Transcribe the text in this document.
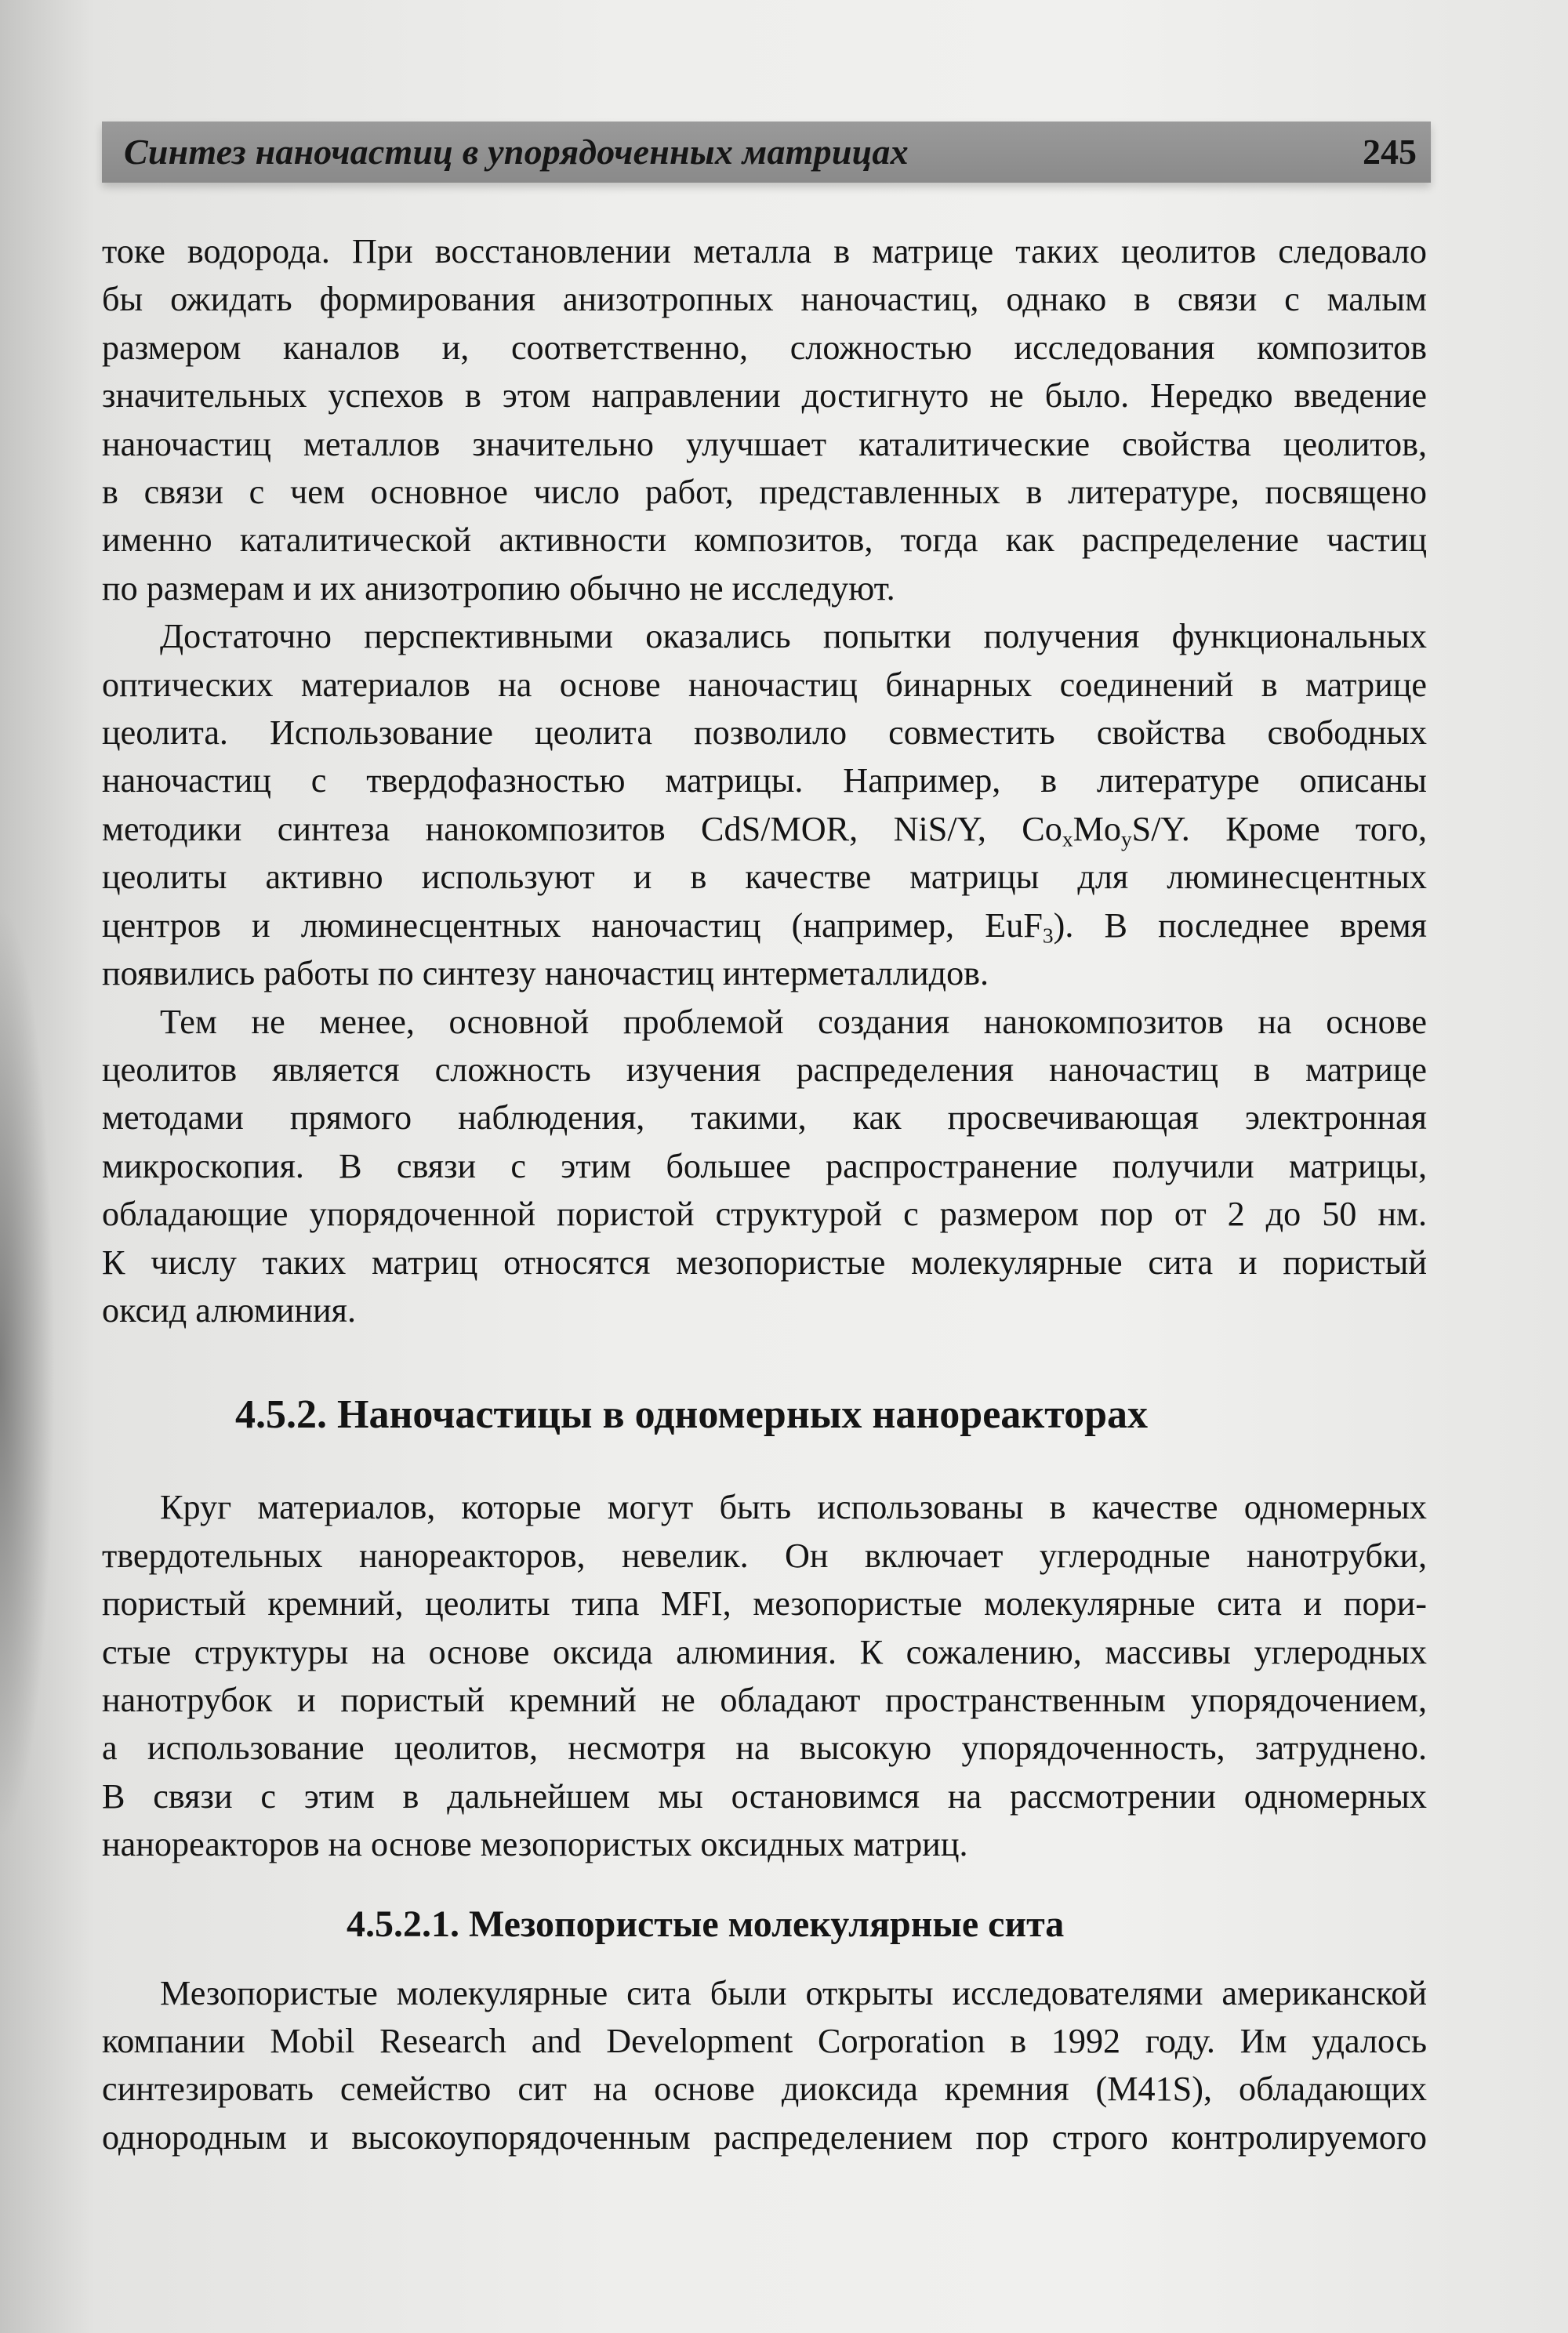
Синтез наночастиц в упорядоченных матрицах	245

токе водорода. При восстановлении металла в матрице таких цеолитов следовало
бы ожидать формирования анизотропных наночастиц, однако в связи с малым
размером каналов и, соответственно, сложностью исследования композитов
значительных успехов в этом направлении достигнуто не было. Нередко введение
наночастиц металлов значительно улучшает каталитические свойства цеолитов,
в связи с чем основное число работ, представленных в литературе, посвящено
именно каталитической активности композитов, тогда как распределение частиц
по размерам и их анизотропию обычно не исследуют.

Достаточно перспективными оказались попытки получения функциональных
оптических материалов на основе наночастиц бинарных соединений в матрице
цеолита. Использование цеолита позволило совместить свойства свободных
наночастиц с твердофазностью матрицы. Например, в литературе описаны
методики синтеза нанокомпозитов CdS/MOR, NiS/Y, $Co_xMo_yS/Y$. Кроме того,
цеолиты активно используют и в качестве матрицы для люминесцентных
центров и люминесцентных наночастиц (например, EuF$_3$). В последнее время
появились работы по синтезу наночастиц интерметаллидов.

Тем не менее, основной проблемой создания нанокомпозитов на основе
цеолитов является сложность изучения распределения наночастиц в матрице
методами прямого наблюдения, такими, как просвечивающая электронная
микроскопия. В связи с этим большее распространение получили матрицы,
обладающие упорядоченной пористой структурой с размером пор от 2 до 50 нм.
К числу таких матриц относятся мезопористые молекулярные сита и пористый
оксид алюминия.

4.5.2. Наночастицы в одномерных нанореакторах

Круг материалов, которые могут быть использованы в качестве одномерных
твердотельных нанореакторов, невелик. Он включает углеродные нанотрубки,
пористый кремний, цеолиты типа MFI, мезопористые молекулярные сита и пори-
стые структуры на основе оксида алюминия. К сожалению, массивы углеродных
нанотрубок и пористый кремний не обладают пространственным упорядочением,
а использование цеолитов, несмотря на высокую упорядоченность, затруднено.
В связи с этим в дальнейшем мы остановимся на рассмотрении одномерных
нанореакторов на основе мезопористых оксидных матриц.

4.5.2.1. Мезопористые молекулярные сита

Мезопористые молекулярные сита были открыты исследователями американской
компании Mobil Research and Development Corporation в 1992 году. Им удалось
синтезировать семейство сит на основе диоксида кремния (M41S), обладающих
однородным и высокоупорядоченным распределением пор строго контролируемого
